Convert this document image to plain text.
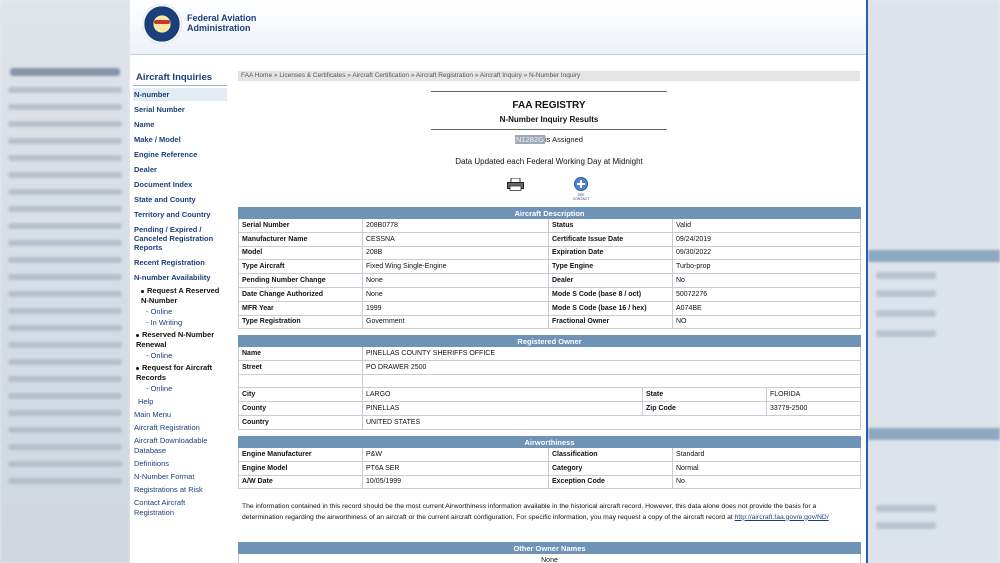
Federal Aviation
Administration
Aircraft Inquiries
N-number
Serial Number
Name
Make / Model
Engine Reference
Dealer
Document Index
State and County
Territory and Country
Pending / Expired / Canceled Registration Reports
Recent Registration
N-number Availability
Request A Reserved N-Number
- Online
- In Writing
Reserved N-Number Renewal
- Online
Request for Aircraft Records
- Online
Help
Main Menu
Aircraft Registration
Aircraft Downloadable Database
Definitions
N-Number Format
Registrations at Risk
Contact Aircraft Registration
FAA Home » Licenses & Certificates » Aircraft Certification » Aircraft Registration » Aircraft Inquiry » N-Number Inquiry
FAA REGISTRY
N-Number Inquiry Results
N1282Gis Assigned
Data Updated each Federal Working Day at Midnight
SEE CONTACT
Aircraft Description			
Serial Number	208B0778	Status	Valid
Manufacturer Name	CESSNA	Certificate Issue Date	09/24/2019
Model	208B	Expiration Date	09/30/2022
Type Aircraft	Fixed Wing Single-Engine	Type Engine	Turbo-prop
Pending Number Change	None	Dealer	No
Date Change Authorized	None	Mode S Code (base 8 / oct)	50072276
MFR Year	1999	Mode S Code (base 16 / hex)	A074BE
Type Registration	Government	Fractional Owner	NO
Registered Owner			
Name	PINELLAS COUNTY SHERIFFS OFFICE		
Street	PO DRAWER 2500		

City	LARGO	State	FLORIDA
County	PINELLAS	Zip Code	33779-2500
Country	UNITED STATES		
Airworthiness			
Engine Manufacturer	P&W	Classification	Standard
Engine Model	PT6A SER	Category	Normal
A/W Date	10/05/1999	Exception Code	No
The information contained in this record should be the most current Airworthiness information available in the historical aircraft record. However, this data alone does not provide the basis for a determination regarding the airworthiness of an aircraft or the current aircraft configuration. For specific information, you may request a copy of the aircraft record at http://aircraft.faa.gov/e.gov/ND/
Other Owner Names
None
